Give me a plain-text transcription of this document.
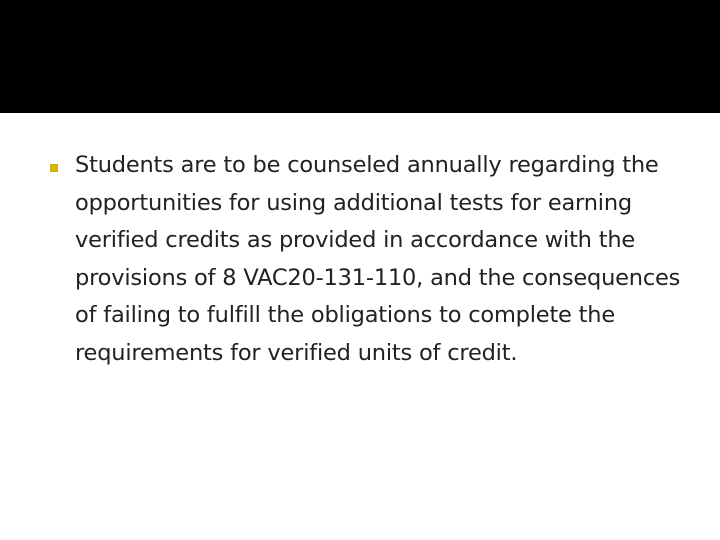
Students are to be counseled annually regarding the opportunities for using additional tests for earning verified credits as provided in accordance with the provisions of 8 VAC20-131-110, and the consequences of failing to fulfill the obligations to complete the requirements for verified units of credit.
